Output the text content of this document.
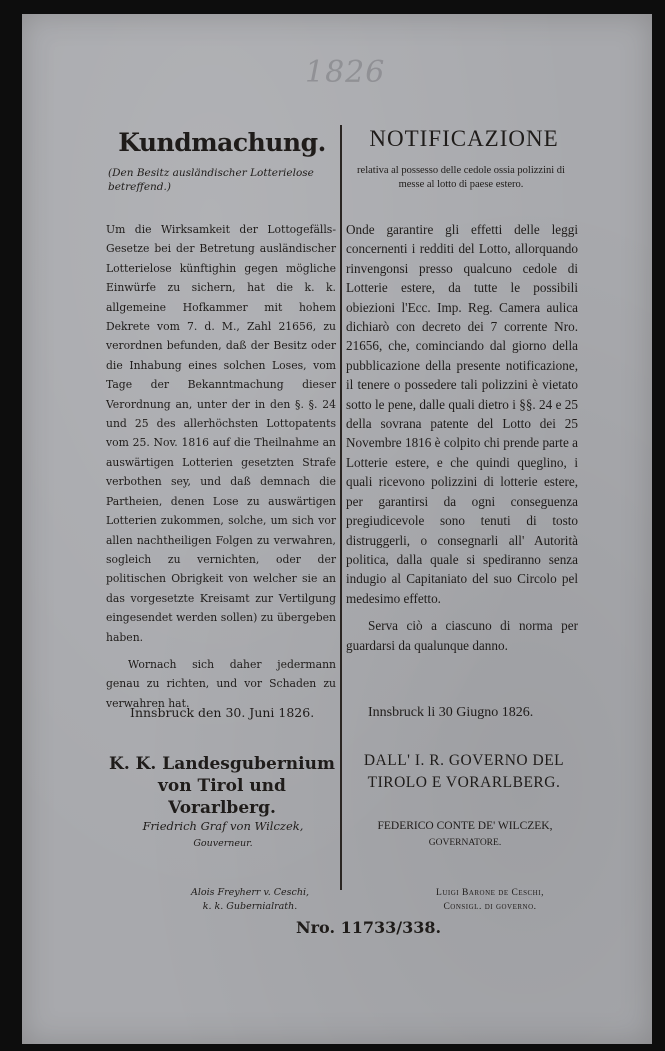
1826
Kundmachung.
(Den Besitz ausländischer Lotterielose betreffend.)

Um die Wirksamkeit der Lottogefälls-Gesetze bei der Betretung ausländischer Lotterielose künftighin gegen mögliche Einwürfe zu sichern, hat die k. k. allgemeine Hofkammer mit hohem Dekrete vom 7. d. M., Zahl 21656, zu verordnen befunden, daß der Besitz oder die Inhabung eines solchen Loses, vom Tage der Bekanntmachung dieser Verordnung an, unter der in den §. §. 24 und 25 des allerhöchsten Lottopatents vom 25. Nov. 1816 auf die Theilnahme an auswärtigen Lotterien gesetzten Strafe verbothen sey, und daß demnach die Partheien, denen Lose zu auswärtigen Lotterien zukommen, solche, um sich vor allen nachtheiligen Folgen zu verwahren, sogleich zu vernichten, oder der politischen Obrigkeit von welcher sie an das vorgesetzte Kreisamt zur Vertilgung eingesendet werden sollen) zu übergeben haben.

Wornach sich daher jedermann genau zu richten, und vor Schaden zu verwahren hat.

Innsbruck den 30. Juni 1826.
K. K. Landesgubernium von Tirol und Vorarlberg.
Friedrich Graf von Wilczek,
Gouverneur.
Alois Freyherr v. Ceschi,
k. k. Gubernialrath.
NOTIFICAZIONE
relativa al possesso delle cedole ossia polizzini di messe al lotto di paese estero.

Onde garantire gli effetti delle leggi concernenti i redditi del Lotto, allorquando rinvengonsi presso qualcuno cedole di Lotterie estere, da tutte le possibili obiezioni l'Ecc. Imp. Reg. Camera aulica dichiarò con decreto dei 7 corrente Nro. 21656, che, cominciando dal giorno della pubblicazione della presente notificazione, il tenere o possedere tali polizzini è vietato sotto le pene, dalle quali dietro i §§. 24 e 25 della sovrana patente del Lotto dei 25 Novembre 1816 è colpito chi prende parte a Lotterie estere, e che quindi queglino, i quali ricevono polizzini di lotterie estere, per garantirsi da ogni conseguenza pregiudicevole sono tenuti di tosto distruggerli, o consegnarli all' Autorità politica, dalla quale si spediranno senza indugio al Capitaniato del suo Circolo pel medesimo effetto.

Serva ciò a ciascuno di norma per guardarsi da qualunque danno.

Innsbruck li 30 Giugno 1826.
DALL' I. R. GOVERNO DEL TIROLO E VORARLBERG.
FEDERICO CONTE DE' WILCZEK,
GOVERNATORE.
Luigi Barone de Ceschi,
Consigl. di governo.
Nro. 11733/338.
